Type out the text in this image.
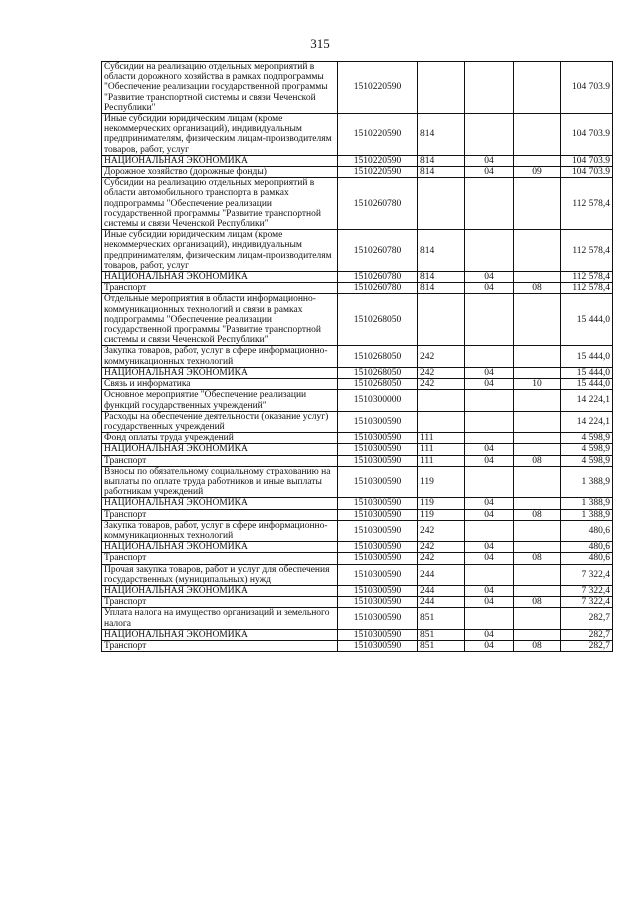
315
Субсидии на реализацию отдельных мероприятий в области дорожного хозяйства в рамках подпрограммы "Обеспечение реализации государственной программы "Развитие транспортной системы и связи Чеченской Республики"	1510220590				104 703.9
Иные субсидии юридическим лицам (кроме некоммерческих организаций), индивидуальным предпринимателям, физическим лицам-производителям товаров, работ, услуг	1510220590	814			104 703.9
НАЦИОНАЛЬНАЯ ЭКОНОМИКА	1510220590	814	04		104 703.9
Дорожное хозяйство (дорожные фонды)	1510220590	814	04	09	104 703.9
Субсидии на реализацию отдельных мероприятий в области автомобильного транспорта в рамках подпрограммы "Обеспечение реализации государственной программы "Развитие транспортной системы и связи Чеченской Республики"	1510260780				112 578,4
Иные субсидии юридическим лицам (кроме некоммерческих организаций), индивидуальным предпринимателям, физическим лицам-производителям товаров, работ, услуг	1510260780	814			112 578,4
НАЦИОНАЛЬНАЯ ЭКОНОМИКА	1510260780	814	04		112 578,4
Транспорт	1510260780	814	04	08	112 578,4
Отдельные мероприятия в области информационно-коммуникационных технологий и связи в рамках подпрограммы "Обеспечение реализации государственной программы "Развитие транспортной системы и связи Чеченской Республики"	1510268050				15 444,0
Закупка товаров, работ, услуг в сфере информационно-коммуникационных технологий	1510268050	242			15 444,0
НАЦИОНАЛЬНАЯ ЭКОНОМИКА	1510268050	242	04		15 444,0
Связь и информатика	1510268050	242	04	10	15 444,0
Основное мероприятие "Обеспечение реализации функций государственных учреждений"	1510300000				14 224,1
Расходы на обеспечение деятельности (оказание услуг) государственных учреждений	1510300590				14 224,1
Фонд оплаты труда учреждений	1510300590	111			4 598,9
НАЦИОНАЛЬНАЯ ЭКОНОМИКА	1510300590	111	04		4 598,9
Транспорт	1510300590	111	04	08	4 598,9
Взносы по обязательному социальному страхованию на выплаты по оплате труда работников и иные выплаты работникам учреждений	1510300590	119			1 388,9
НАЦИОНАЛЬНАЯ ЭКОНОМИКА	1510300590	119	04		1 388,9
Транспорт	1510300590	119	04	08	1 388,9
Закупка товаров, работ, услуг в сфере информационно-коммуникационных технологий	1510300590	242			480,6
НАЦИОНАЛЬНАЯ ЭКОНОМИКА	1510300590	242	04		480,6
Транспорт	1510300590	242	04	08	480,6
Прочая закупка товаров, работ и услуг для обеспечения государственных (муниципальных) нужд	1510300590	244			7 322,4
НАЦИОНАЛЬНАЯ ЭКОНОМИКА	1510300590	244	04		7 322,4
Транспорт	1510300590	244	04	08	7 322,4
Уплата налога на имущество организаций и земельного налога	1510300590	851			282,7
НАЦИОНАЛЬНАЯ ЭКОНОМИКА	1510300590	851	04		282,7
Транспорт	1510300590	851	04	08	282,7
